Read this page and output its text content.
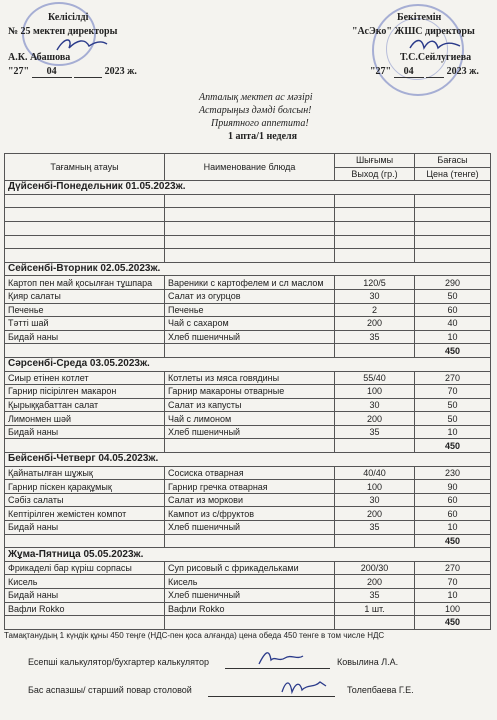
Келісілді
№ 25 мектеп директоры
А.К. Абашова
"27" 04	2023 ж.
Бекітемін
"АсЭко" ЖШС директоры
Т.С.Сейлугиева
"27" 04	2023 ж.
Апталық мектеп ас мәзірі
Астарыңыз дәмді болсын!
Приятного аппетита!
1 апта/1 неделя
Тағамның атауы	Наименование блюда	Шығымы	Бағасы
		Выход (гр.)	Цена (тенге)
Дүйсенбі-Понедельник 01.05.2023ж.			

Сейсенбі-Вторник 02.05.2023ж.			
Картоп пен май қосылған тұшпара	Вареники с картофелем и сл маслом	120/5	290
Қияр салаты	Салат из огурцов	30	50
Печенье	Печенье	2	60
Тәтті шай	Чай с сахаром	200	40
Бидай наны	Хлеб пшеничный	35	10
			450
Сәрсенбі-Среда 03.05.2023ж.			
Сиыр етінен котлет	Котлеты из мяса говядины	55/40	270
Гарнир пісірілген макарон	Гарнир макароны отварные	100	70
Қырыққабаттан салат	Салат из капусты	30	50
Лимонмен шәй	Чай с лимоном	200	50
Бидай наны	Хлеб пшеничный	35	10
			450
Бейсенбі-Четверг 04.05.2023ж.			
Қайнатылған шұжық	Сосиска отварная	40/40	230
Гарнир піскен қарақұмық	Гарнир гречка отварная	100	90
Сәбіз салаты	Салат из моркови	30	60
Кептірілген жемістен компот	Кампот из с/фруктов	200	60
Бидай наны	Хлеб пшеничный	35	10
			450
Жұма-Пятница 05.05.2023ж.			
Фрикаделі бар күріш сорпасы	Суп рисовый с фрикадельками	200/30	270
Кисель	Кисель	200	70
Бидай наны	Хлеб пшеничный	35	10
Вафли Rokko	Вафли Rokko	1 шт.	100
			450
Тамақтанудың 1 күндік құны 450 теңге (НДС-пен қоса алғанда) цена обеда 450 тенге в том числе НДС
Есепші калькулятор/бухгартер калькулятор	Ковылина Л.А.
Бас аспазшы/ старший повар столовой	Толепбаева Г.Е.
